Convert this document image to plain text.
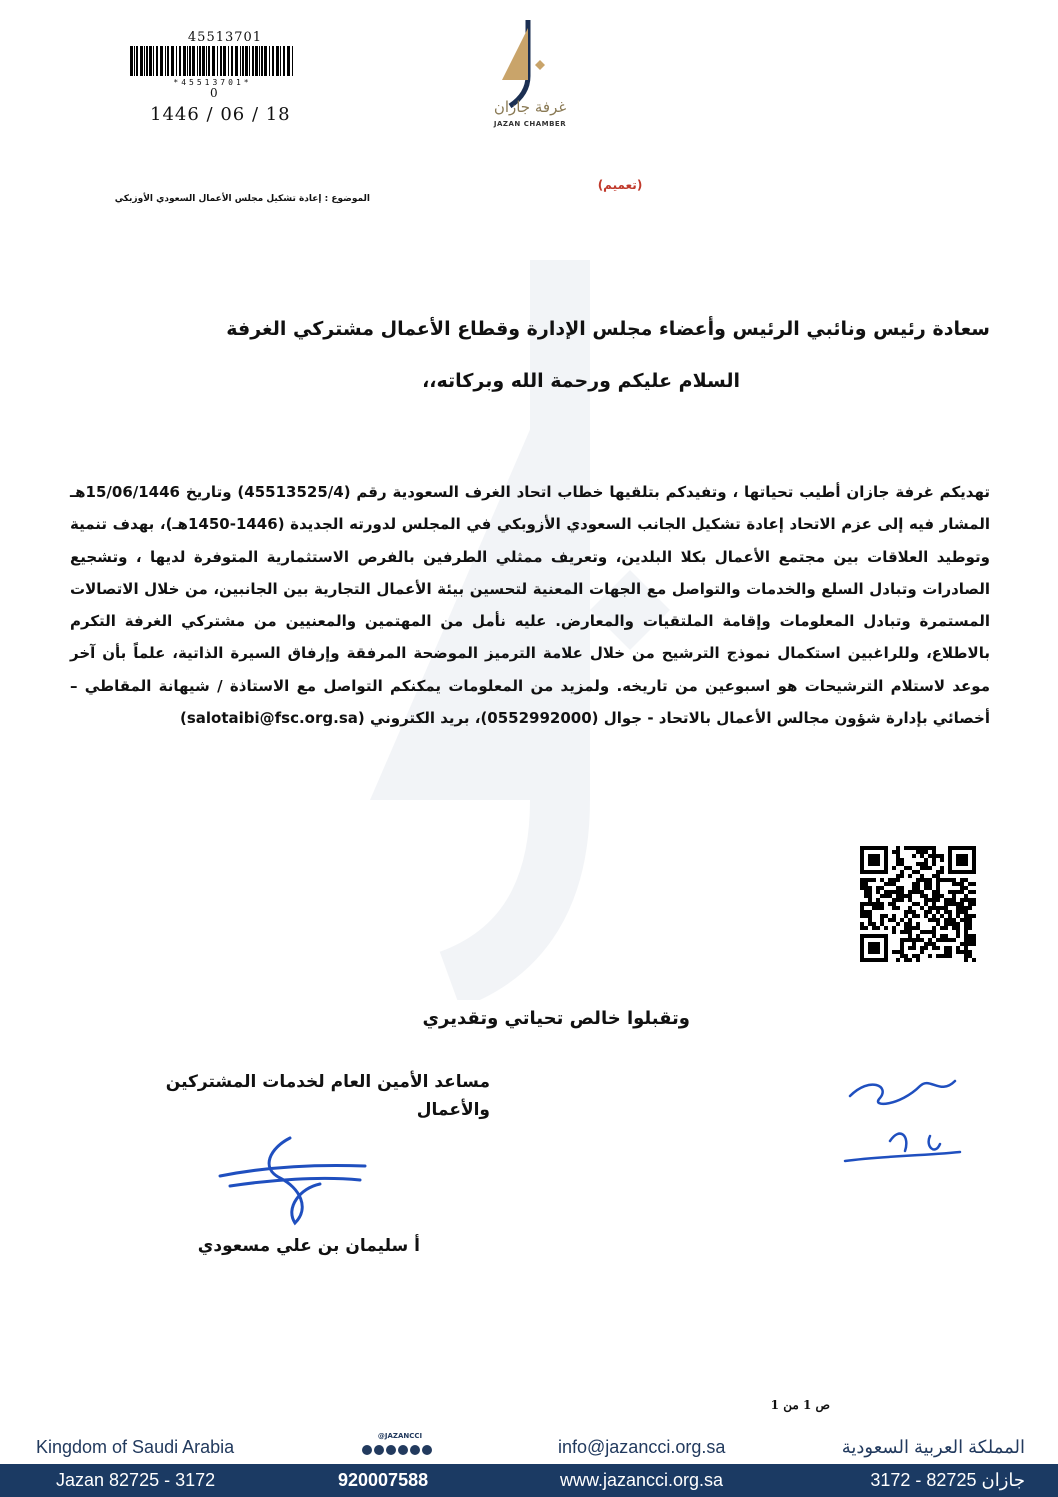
45513701
*45513701*
0
1446 / 06 / 18	غرفة جازان
JAZAN CHAMBER
(تعميم)
الموضوع : إعادة تشكيل مجلس الأعمال السعودي الأوزبكي
سعادة رئيس ونائبي الرئيس وأعضاء مجلس الإدارة وقطاع الأعمال مشتركي الغرفة
السلام عليكم ورحمة الله وبركاته،،
تهديكم غرفة جازان أطيب تحياتها ، وتفيدكم بتلقيها خطاب اتحاد الغرف السعودية رقم (45513525/4) وتاريخ 15/06/1446هـ المشار فيه إلى عزم الاتحاد إعادة تشكيل الجانب السعودي الأزوبكي في المجلس لدورته الجديدة (1446-1450هـ)، بهدف تنمية وتوطيد العلاقات بين مجتمع الأعمال بكلا البلدين، وتعريف ممثلي الطرفين بالفرص الاستثمارية المتوفرة لديها ، وتشجيع الصادرات وتبادل السلع والخدمات والتواصل مع الجهات المعنية لتحسين بيئة الأعمال التجارية بين الجانبين، من خلال الاتصالات المستمرة وتبادل المعلومات وإقامة الملتقيات والمعارض. عليه نأمل من المهتمين والمعنيين من مشتركي الغرفة التكرم بالاطلاع، وللراغبين استكمال نموذج الترشيح من خلال علامة الترميز الموضحة المرفقة وإرفاق السيرة الذاتية، علماً بأن آخر موعد لاستلام الترشيحات هو اسبوعين من تاريخه. ولمزيد من المعلومات يمكنكم التواصل مع الاستاذة / شيهانة المقاطي – أخصائي بإدارة شؤون مجالس الأعمال بالاتحاد - جوال (0552992000)، بريد الكتروني (salotaibi@fsc.org.sa)
وتقبلوا خالص تحياتي وتقديري
مساعد الأمين العام لخدمات المشتركين والأعمال
أ سليمان بن علي مسعودي
ص 1 من 1
Kingdom of Saudi Arabia
@JAZANCCI
info@jazancci.org.sa	المملكة العربية السعودية
Jazan 82725 - 3172	920007588	www.jazancci.org.sa	جازان 82725 - 3172
